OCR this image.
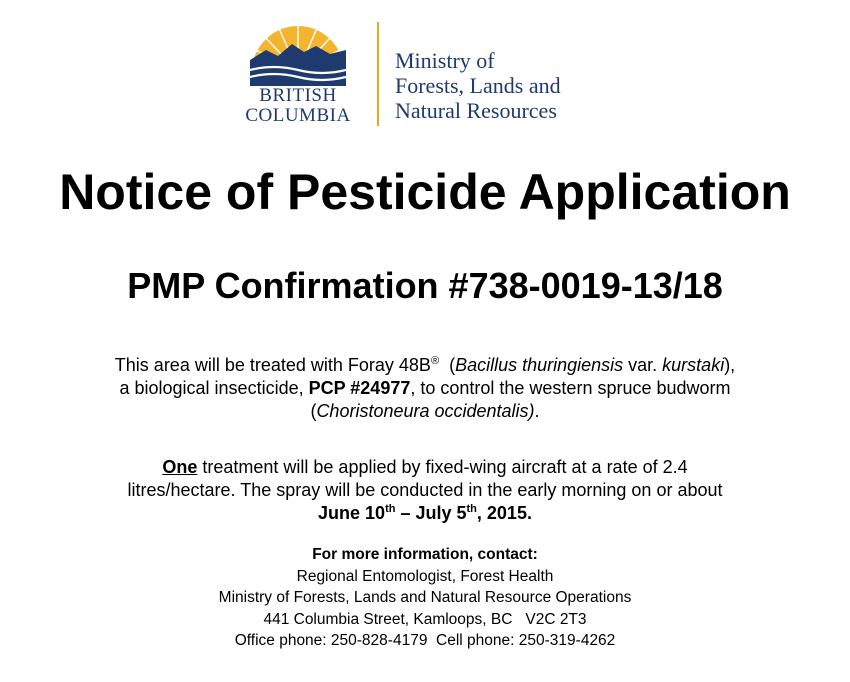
BRITISH
COLUMBIA
Ministry of
Forests, Lands and
Natural Resources
Notice of Pesticide Application
PMP Confirmation #738-0019-13/18
This area will be treated with Foray 48B®  (Bacillus thuringiensis var. kurstaki),
a biological insecticide, PCP #24977, to control the western spruce budworm
(Choristoneura occidentalis).
One treatment will be applied by fixed-wing aircraft at a rate of 2.4
litres/hectare. The spray will be conducted in the early morning on or about
June 10th – July 5th, 2015.
For more information, contact:
Regional Entomologist, Forest Health
Ministry of Forests, Lands and Natural Resource Operations
441 Columbia Street, Kamloops, BC   V2C 2T3
Office phone: 250-828-4179  Cell phone: 250-319-4262
